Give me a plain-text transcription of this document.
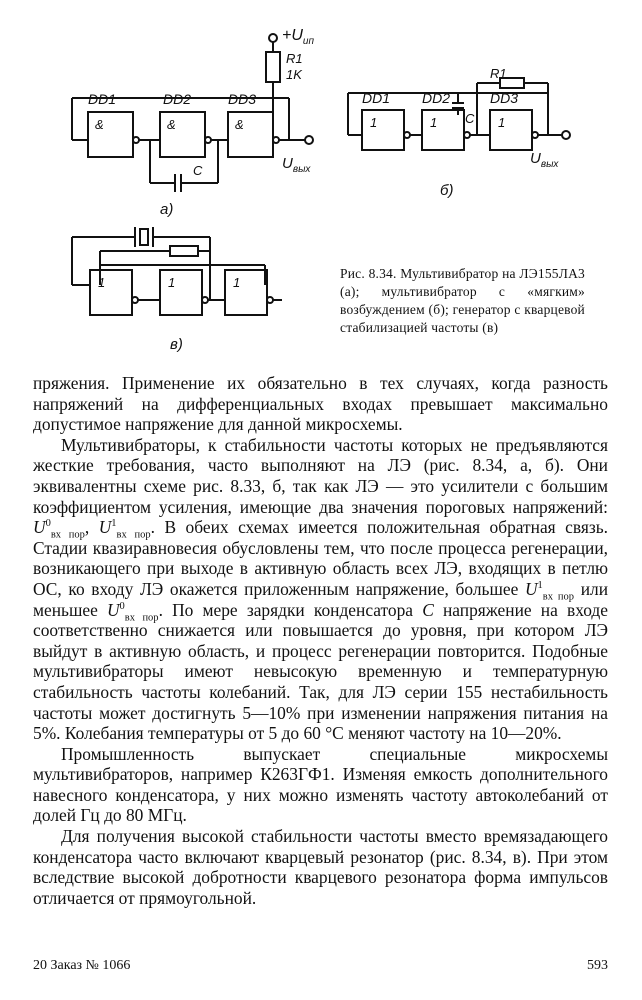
$+U_{ип}$
R1
1K
DD1	DD2	DD3
&	&	&
C	$U_{вых}$
а)
DD1 DD2	DD3
R1
C
1	1	1
$U_{вых}$
б)
1	1	1
в)
Рис. 8.34. Мультивибратор на ЛЭ155ЛА3 (а); мультивибратор с «мягким» возбуждением (б); генератор с кварцевой стабилизацией частоты (в)

пряжения. Применение их обязательно в тех случаях, когда разность напряжений на дифференциальных входах превышает максимально допустимое напряжение для данной микросхемы.

Мультивибраторы, к стабильности частоты которых не предъявляются жесткие требования, часто выполняют на ЛЭ (рис. 8.34, а, б). Они эквивалентны схеме рис. 8.33, б, так как ЛЭ — это усилители с большим коэффициентом усиления, имеющие два значения пороговых напряжений: $U^0_{вх пор}$, $U^1_{вх пор}$. В обеих схемах имеется положительная обратная связь. Стадии квазиравновесия обусловлены тем, что после процесса регенерации, возникающего при выходе в активную область всех ЛЭ, входящих в петлю ОС, ко входу ЛЭ окажется приложенным напряжение, большее $U^1_{вх пор}$ или меньшее $U^0_{вх пор}$. По мере зарядки конденсатора C напряжение на входе соответственно снижается или повышается до уровня, при котором ЛЭ выйдут в активную область, и процесс регенерации повторится. Подобные мультивибраторы имеют невысокую временную и температурную стабильность частоты колебаний. Так, для ЛЭ серии 155 нестабильность частоты может достигнуть 5—10% при изменении напряжения питания на 5%. Колебания температуры от 5 до 60 °С меняют частоту на 10—20%.

Промышленность выпускает специальные микросхемы мультивибраторов, например К263ГФ1. Изменяя емкость дополнительного навесного конденсатора, у них можно изменять частоту автоколебаний от долей Гц до 80 МГц.

Для получения высокой стабильности частоты вместо времязадающего конденсатора часто включают кварцевый резонатор (рис. 8.34, в). При этом вследствие высокой добротности кварцевого резонатора форма импульсов отличается от прямоугольной.

20 Заказ № 1066	593
